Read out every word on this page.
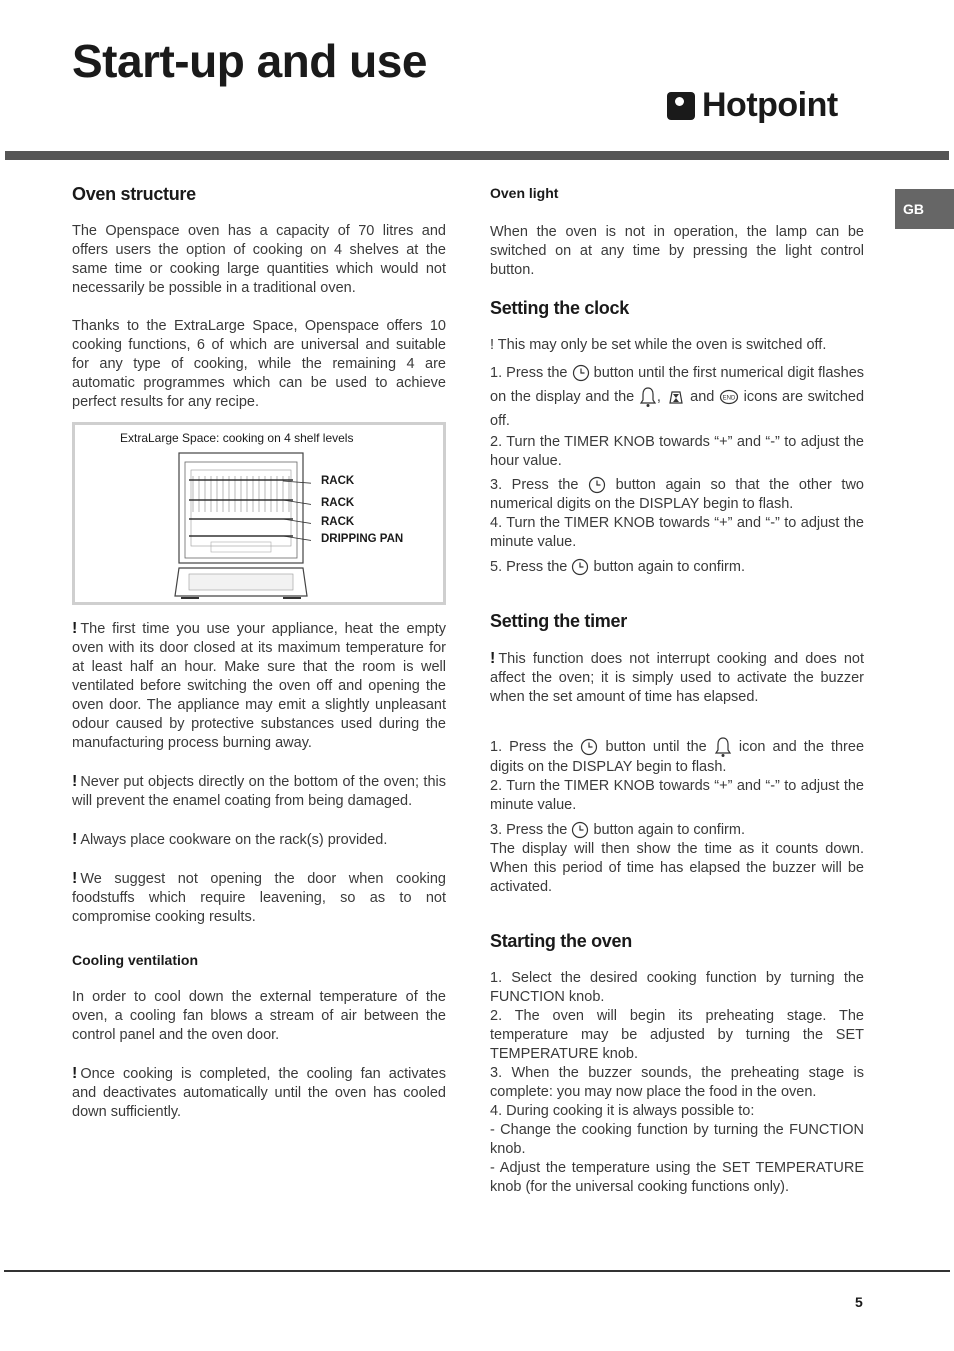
Start-up and use
Hotpoint
GB
Oven structure

The Openspace oven has a capacity of 70 litres and offers users the option of cooking on 4 shelves at the same time or cooking large quantities which would not necessarily be possible in a traditional oven.

Thanks to the ExtraLarge Space, Openspace offers 10 cooking functions, 6 of which are universal and suitable for any type of cooking, while the remaining 4 are automatic programmes which can be used to achieve perfect results for any recipe.

ExtraLarge Space: cooking on 4 shelf levels
RACK
RACK
RACK
DRIPPING PAN

! The first time you use your appliance, heat the empty oven with its door closed at its maximum temperature for at least half an hour. Make sure that the room is well ventilated before switching the oven off and opening the oven door. The appliance may emit a slightly unpleasant odour caused by protective substances used during the manufacturing process burning away.

! Never put objects directly on the bottom of the oven; this will prevent the enamel coating from being damaged.

! Always place cookware on the rack(s) provided.

! We suggest not opening the door when cooking foodstuffs which require leavening, so as to not compromise cooking results.

Cooling ventilation

In order to cool down the external temperature of the oven, a cooling fan blows a stream of air between the control panel and the oven door.

! Once cooking is completed, the cooling fan activates and deactivates automatically until the oven has cooled down sufficiently.

Oven light

When the oven is not in operation, the lamp can be switched on at any time by pressing the light control button.

Setting the clock

! This may only be set while the oven is switched off.

1. Press the button until the first numerical digit flashes on the display and the , and END icons are switched off.

2. Turn the TIMER KNOB towards “+” and “-” to adjust the hour value.

3. Press the	button again so that the other two numerical digits on the DISPLAY begin to flash.

4. Turn the TIMER KNOB towards “+” and “-” to adjust the minute value.

5. Press the button again to confirm.

Setting the timer

! This function does not interrupt cooking and does not affect the oven; it is simply used to activate the buzzer when the set amount of time has elapsed.

1. Press the button until the icon and the three digits on the DISPLAY begin to flash.

2. Turn the TIMER KNOB towards “+” and “-” to adjust the minute value.

3. Press the button again to confirm.

The display will then show the time as it counts down. When this period of time has elapsed the buzzer will be activated.

Starting the oven

1. Select the desired cooking function by turning the FUNCTION knob.

2. The oven will begin its preheating stage. The temperature may be adjusted by turning the SET TEMPERATURE knob.

3. When the buzzer sounds, the preheating stage is complete: you may now place the food in the oven.

4. During cooking it is always possible to:

- Change the cooking function by turning the FUNCTION knob.

- Adjust the temperature using the SET TEMPERATURE knob (for the universal cooking functions only).

5
